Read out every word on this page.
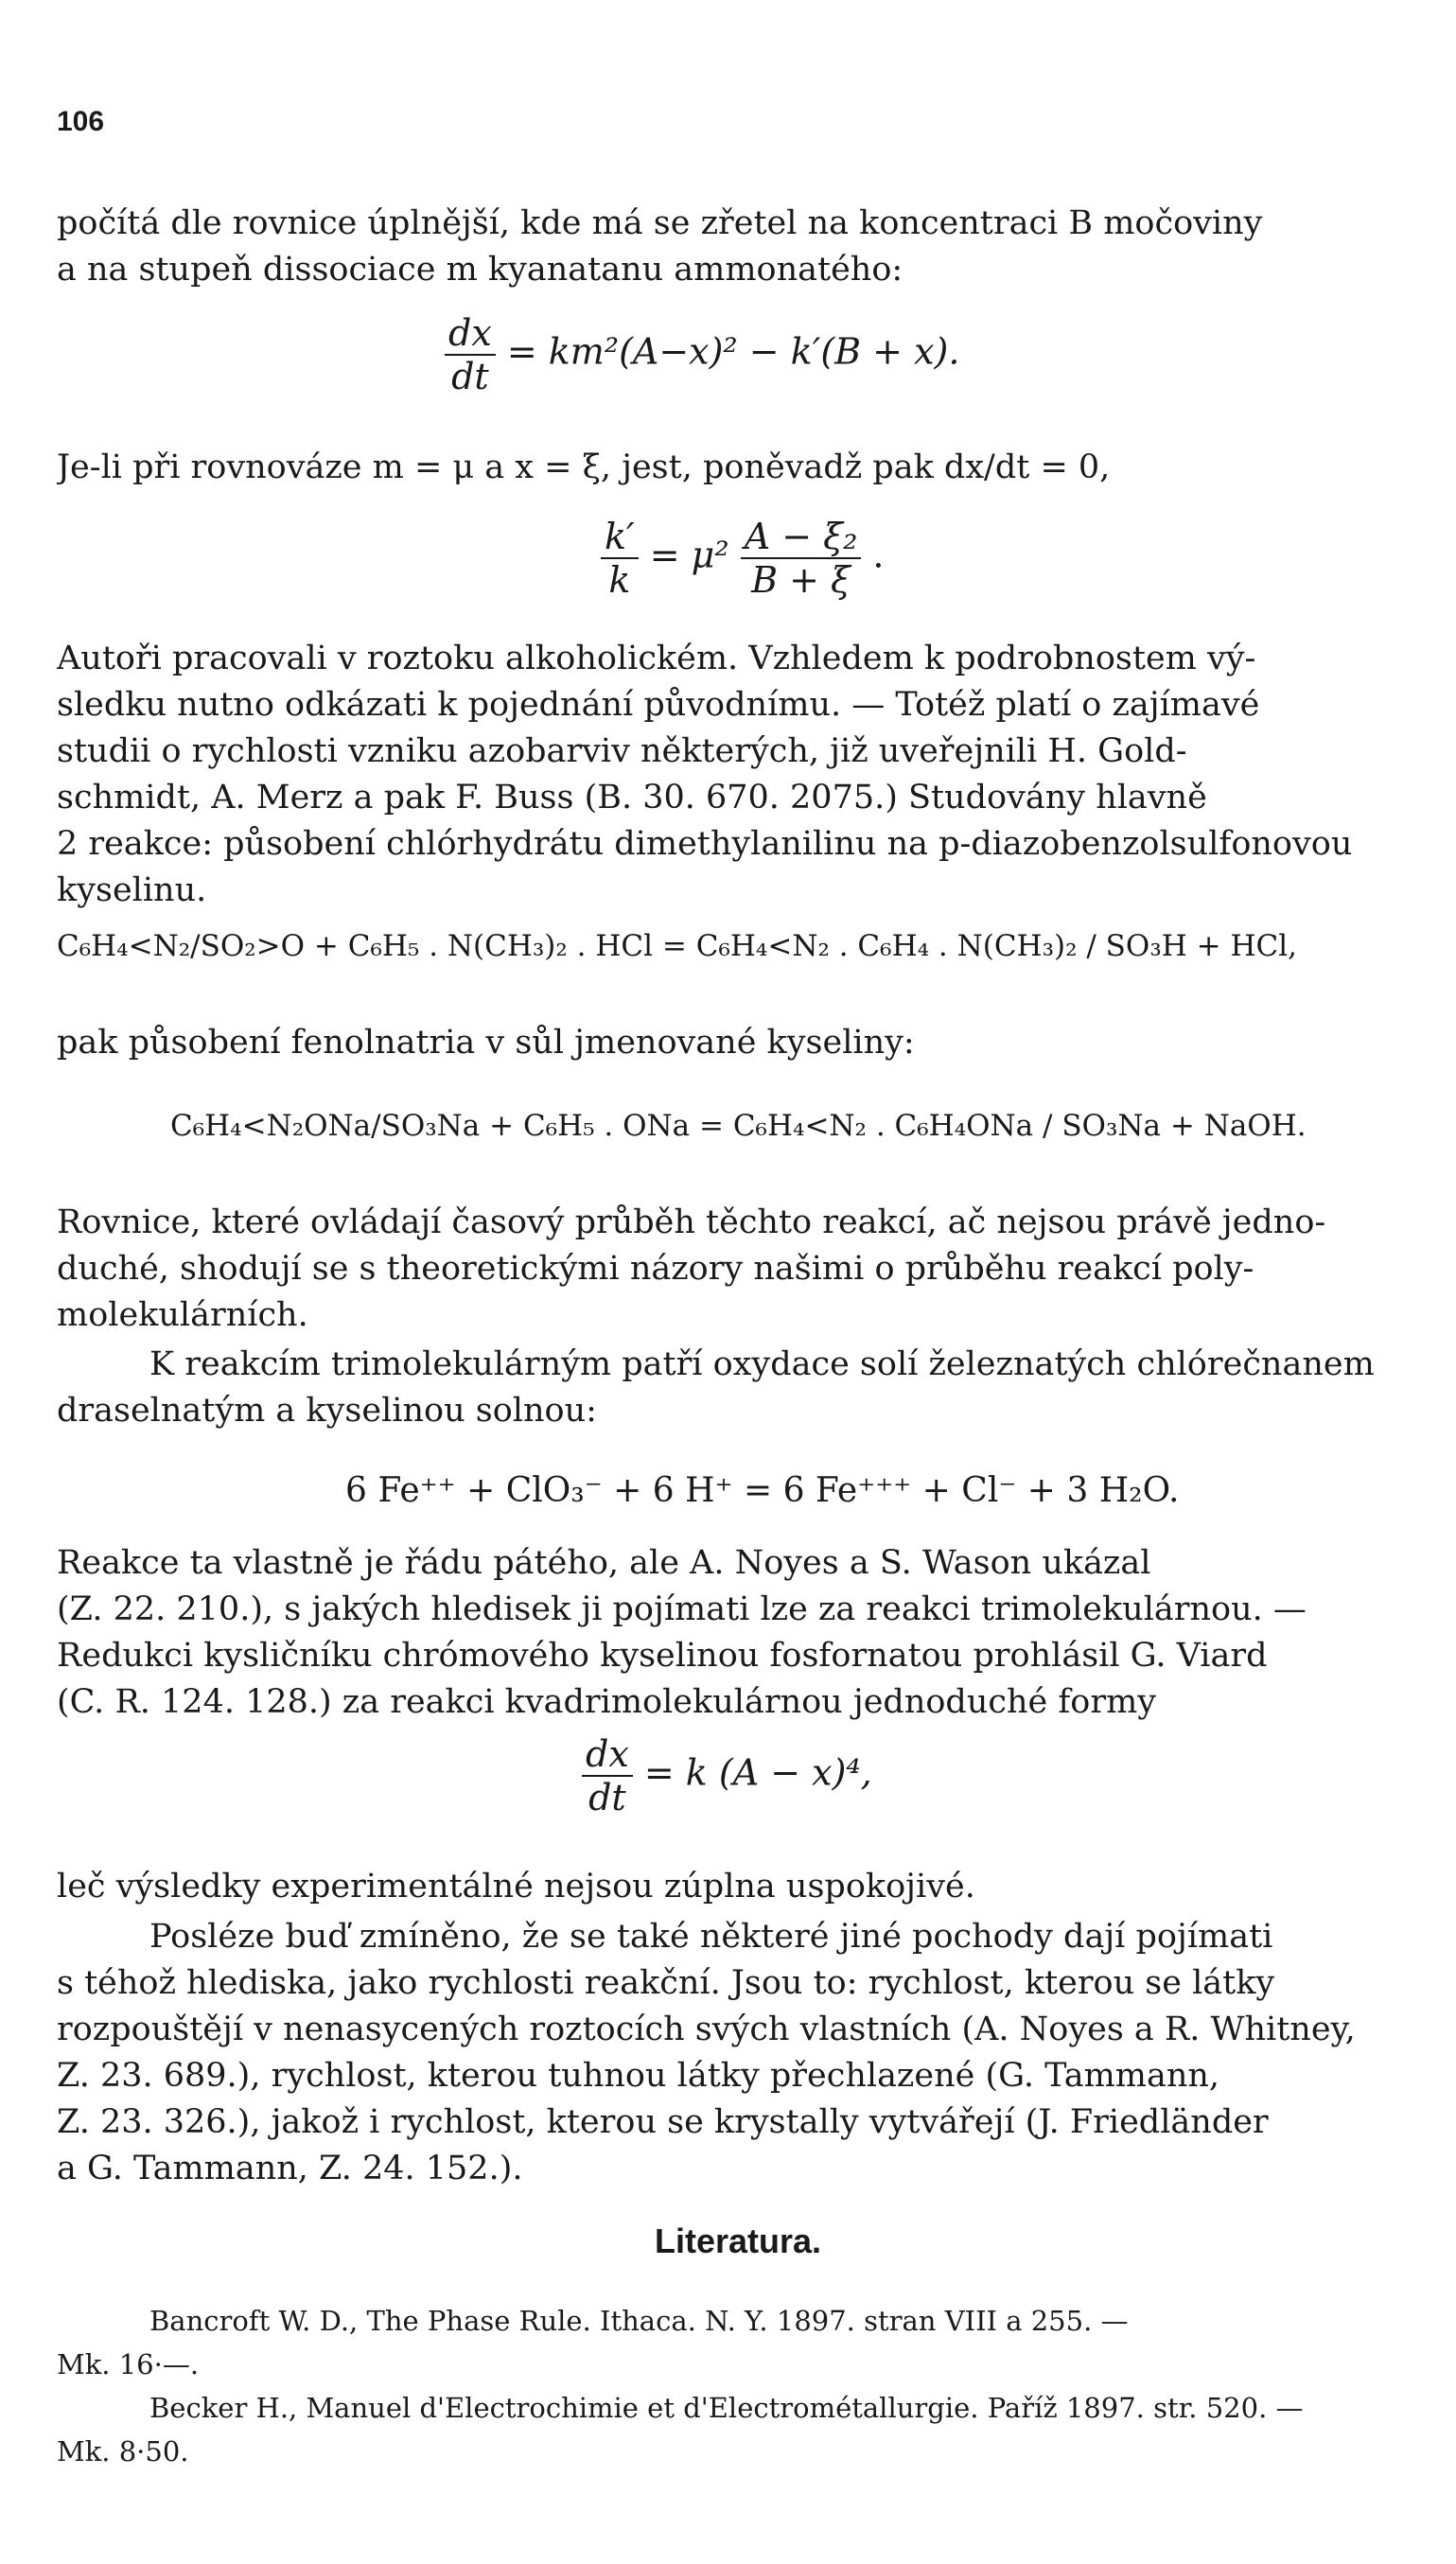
106
počítá dle rovnice úplnější, kde má se zřetel na koncentraci B močoviny
a na stupeň dissociace m kyanatanu ammonatého:
$\frac{dx}{dt} = km^2(A-x)^2 - k'(B + x)$.
Je-li při rovnováze m = μ a x = ξ, jest, poněvadž pak dx/dt = 0,
$\frac{k'}{k} = \mu^2 \frac{\text{A − ξ₂}}{B + \xi}$ .
Autoři pracovali v roztoku alkoholickém. Vzhledem k podrobnostem vý-
sledku nutno odkázati k pojednání původnímu. — Totéž platí o zajímavé
studii o rychlosti vzniku azobarviv některých, již uveřejnili H. Gold-
schmidt, A. Merz a pak F. Buss (B. 30. 670. 2075.) Studovány hlavně
2 reakce: působení chlórhydrátu dimethylanilinu na p-diazobenzolsulfonovou
kyselinu.
C₆H₄<N₂/SO₂>O + C₆H₅ . N(CH₃)₂ . HCl = C₆H₄<N₂ . C₆H₄ . N(CH₃)₂ / SO₃H + HCl,
pak působení fenolnatria v sůl jmenované kyseliny:
C₆H₄<N₂ONa/SO₃Na + C₆H₅ . ONa = C₆H₄<N₂ . C₆H₄ONa / SO₃Na + NaOH.
Rovnice, které ovládají časový průběh těchto reakcí, ač nejsou právě jedno-
duché, shodují se s theoretickými názory našimi o průběhu reakcí poly-
molekulárních.
K reakcím trimolekulárným patří oxydace solí železnatých chlórečnanem
draselnatým a kyselinou solnou:
6 Fe⁺⁺ + ClO₃⁻ + 6 H⁺ = 6 Fe⁺⁺⁺ + Cl⁻ + 3 H₂O.
Reakce ta vlastně je řádu pátého, ale A. Noyes a S. Wason ukázal
(Z. 22. 210.), s jakých hledisek ji pojímati lze za reakci trimolekulárnou. —
Redukci kysličníku chrómového kyselinou fosfornatou prohlásil G. Viard
(C. R. 124. 128.) za reakci kvadrimolekulárnou jednoduché formy
$\frac{dx}{dt} = k$ (A − x)⁴,
leč výsledky experimentálné nejsou zúplna uspokojivé.
Posléze buď zmíněno, že se také některé jiné pochody dají pojímati
s téhož hlediska, jako rychlosti reakční. Jsou to: rychlost, kterou se látky
rozpouštějí v nenasycených roztocích svých vlastních (A. Noyes a R. Whitney,
Z. 23. 689.), rychlost, kterou tuhnou látky přechlazené (G. Tammann,
Z. 23. 326.), jakož i rychlost, kterou se krystally vytvářejí (J. Friedländer
a G. Tammann, Z. 24. 152.).
Literatura.
Bancroft W. D., The Phase Rule. Ithaca. N. Y. 1897. stran VIII a 255. —
Mk. 16·—.
Becker H., Manuel d'Electrochimie et d'Electrométallurgie. Paříž 1897. str. 520. —
Mk. 8·50.
